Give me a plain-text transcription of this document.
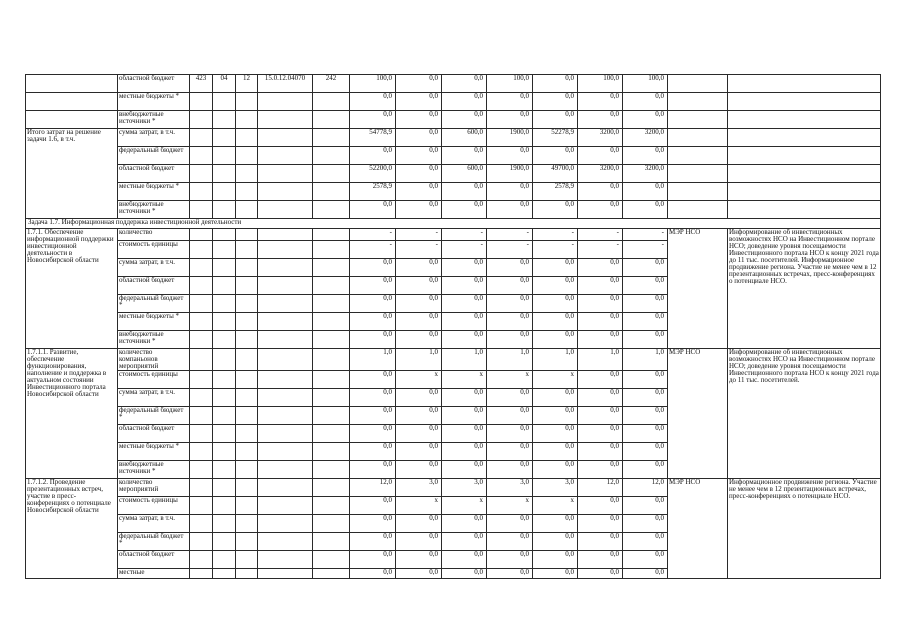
	областной бюджет	423	04	12	15.0.12.04070	242	100,0	0,0	0,0	100,0	0,0	100,0	100,0		
	местные бюджеты *						0,0	0,0	0,0	0,0	0,0	0,0	0,0		
	внебюджетные источники *						0,0	0,0	0,0	0,0	0,0	0,0	0,0		
Итого затрат на решение задачи 1.6, в т.ч.	сумма затрат, в т.ч.						54778,9	0,0	600,0	1900,0	52278,9	3200,0	3200,0		
	федеральный бюджет						0,0	0,0	0,0	0,0	0,0	0,0	0,0		
	областной бюджет						52200,0	0,0	600,0	1900,0	49700,0	3200,0	3200,0		
	местные бюджеты *						2578,9	0,0	0,0	0,0	2578,9	0,0	0,0		
	внебюджетные источники *						0,0	0,0	0,0	0,0	0,0	0,0	0,0		
Задача 1.7. Информационная поддержка инвестиционной деятельности															
1.7.1. Обеспечение информационной поддержки инвестиционной деятельности в Новосибирской области	количество						-	-	-	-	-	-	-	МЭР НСО	Информирование об инвестиционных возможностях НСО на Инвестиционном портале НСО; доведение уровня посещаемости Инвестиционного портала НСО к концу 2021 года до 11 тыс. посетителей. Информационное продвижение региона. Участие не менее чем в 12 презентационных встречах, пресс-конференциях о потенциале НСО.
	стоимость единицы						-	-	-	-	-	-	-		
	сумма затрат, в т.ч.						0,0	0,0	0,0	0,0	0,0	0,0	0,0		
	областной бюджет						0,0	0,0	0,0	0,0	0,0	0,0	0,0		
	федеральный бюджет *						0,0	0,0	0,0	0,0	0,0	0,0	0,0		
	местные бюджеты *						0,0	0,0	0,0	0,0	0,0	0,0	0,0		
	внебюджетные источники *						0,0	0,0	0,0	0,0	0,0	0,0	0,0		
1.7.1.1. Развитие, обеспечение функционирования, наполнение и поддержка в актуальном состоянии Инвестиционного портала Новосибирской области	количество компаньонов мероприятий						1,0	1,0	1,0	1,0	1,0	1,0	1,0	МЭР НСО	Информирование об инвестиционных возможностях НСО на Инвестиционном портале НСО; доведение уровня посещаемости Инвестиционного портала НСО к концу 2021 года до 11 тыс. посетителей.
	стоимость единицы						0,0	x	x	x	x	0,0	0,0		
	сумма затрат, в т.ч.						0,0	0,0	0,0	0,0	0,0	0,0	0,0		
	федеральный бюджет *						0,0	0,0	0,0	0,0	0,0	0,0	0,0		
	областной бюджет						0,0	0,0	0,0	0,0	0,0	0,0	0,0		
	местные бюджеты *						0,0	0,0	0,0	0,0	0,0	0,0	0,0		
	внебюджетные источники *						0,0	0,0	0,0	0,0	0,0	0,0	0,0		
1.7.1.2. Проведение презентационных встреч, участие в пресс-конференциях о потенциале Новосибирской области	количество мероприятий						12,0	3,0	3,0	3,0	3,0	12,0	12,0	МЭР НСО	Информационное продвижение региона. Участие не менее чем в 12 презентационных встречах, пресс-конференциях о потенциале НСО.
	стоимость единицы						0,0	x	x	x	x	0,0	0,0		
	сумма затрат, в т.ч.						0,0	0,0	0,0	0,0	0,0	0,0	0,0		
	федеральный бюджет *						0,0	0,0	0,0	0,0	0,0	0,0	0,0		
	областной бюджет						0,0	0,0	0,0	0,0	0,0	0,0	0,0		
	местные						0,0	0,0	0,0	0,0	0,0	0,0	0,0		
